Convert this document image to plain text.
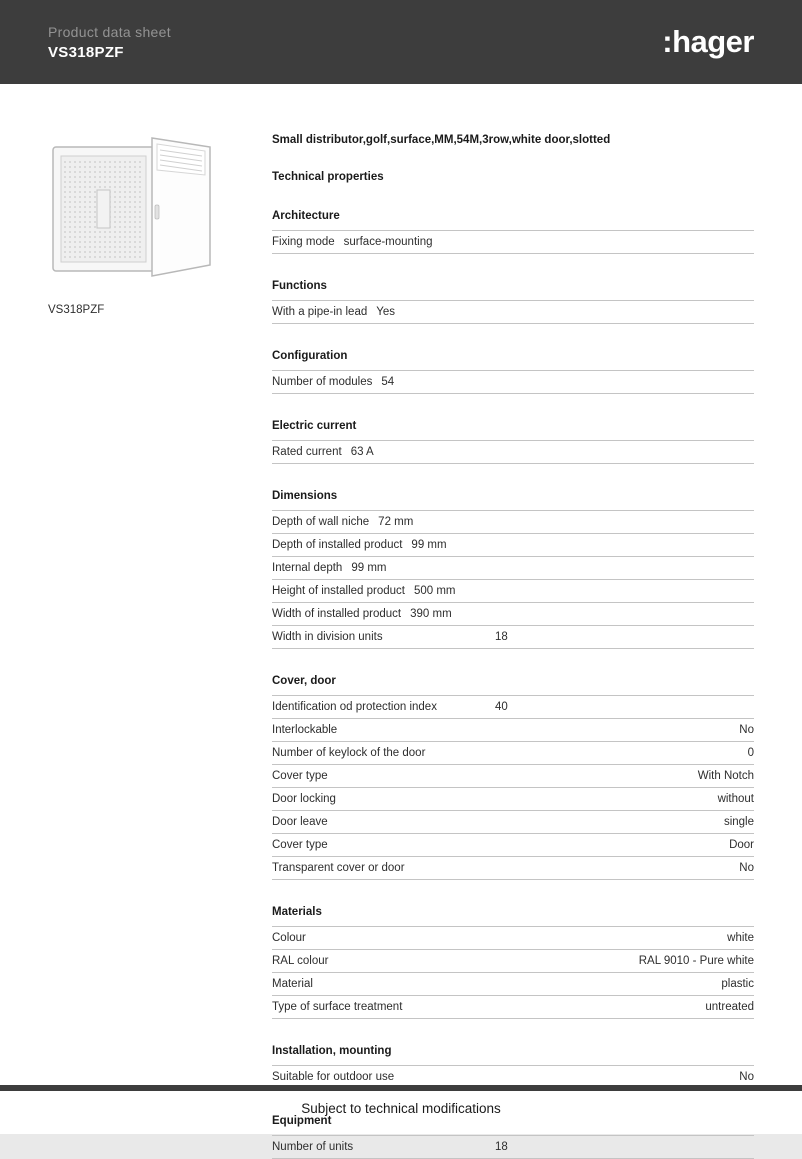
Product data sheet
VS318PZF	:hager
VS318PZF
Small distributor,golf,surface,MM,54M,3row,white door,slotted
Technical properties
Architecture
Fixing mode surface-mounting
Functions
With a pipe-in lead Yes
Configuration
Number of modules 54
Electric current
Rated current 63 A
Dimensions
Depth of wall niche 72 mm
Depth of installed product 99 mm
Internal depth 99 mm
Height of installed product 500 mm
Width of installed product 390 mm
Width in division units	18
Cover, door
Identification od protection index	40
Interlockable	No
Number of keylock of the door	0
Cover type	With Notch
Door locking	without
Door leave	single
Cover type	Door
Transparent cover or door	No
Materials
Colour	white
RAL colour	RAL 9010 - Pure white
Material	plastic
Type of surface treatment	untreated
Installation, mounting
Suitable for outdoor use	No
Equipment
Number of units	18
Subject to technical modifications
